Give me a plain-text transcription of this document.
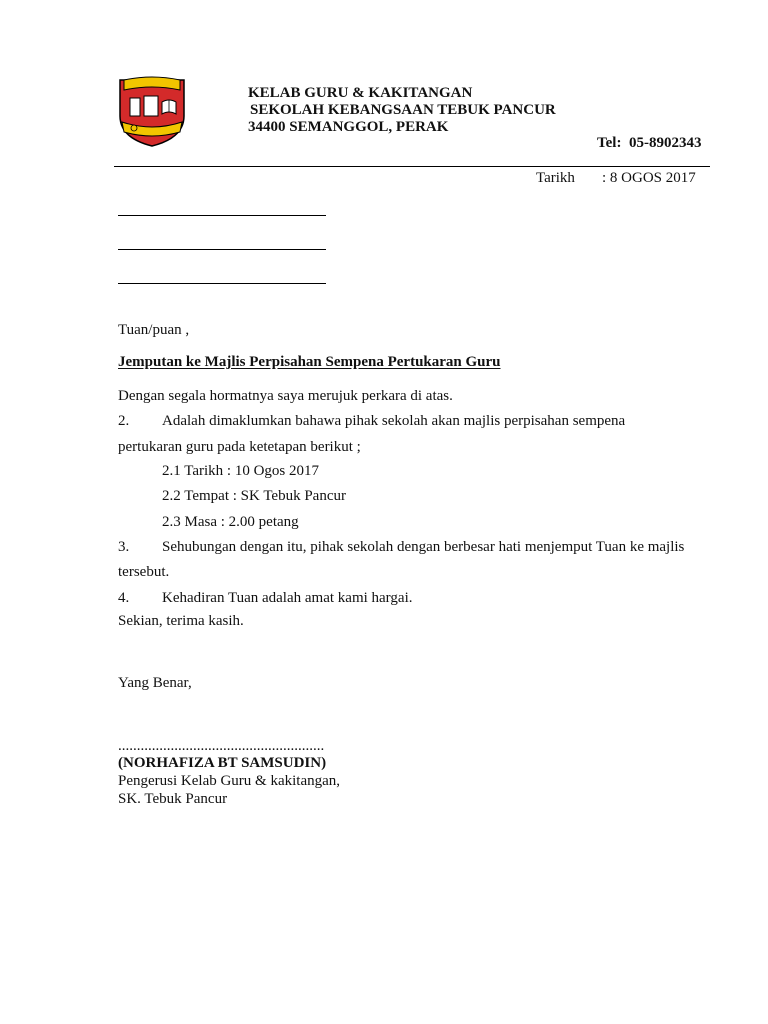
KELAB GURU & KAKITANGAN
SEKOLAH KEBANGSAAN TEBUK PANCUR
34400 SEMANGGOL, PERAK
Tel: 05-8902343
Tarikh : 8 OGOS 2017
Tuan/puan ,
Jemputan ke Majlis Perpisahan Sempena Pertukaran Guru
Dengan segala hormatnya saya merujuk perkara di atas.
2. Adalah dimaklumkan bahawa pihak sekolah akan majlis perpisahan sempena
pertukaran guru pada ketetapan berikut ;
2.1 Tarikh : 10 Ogos 2017
2.2 Tempat : SK Tebuk Pancur
2.3 Masa : 2.00 petang
3. Sehubungan dengan itu, pihak sekolah dengan berbesar hati menjemput Tuan ke majlis
tersebut.
4. Kehadiran Tuan adalah amat kami hargai.
Sekian, terima kasih.
Yang Benar,
.......................................................
(NORHAFIZA BT SAMSUDIN)
Pengerusi Kelab Guru & kakitangan,
SK. Tebuk Pancur
